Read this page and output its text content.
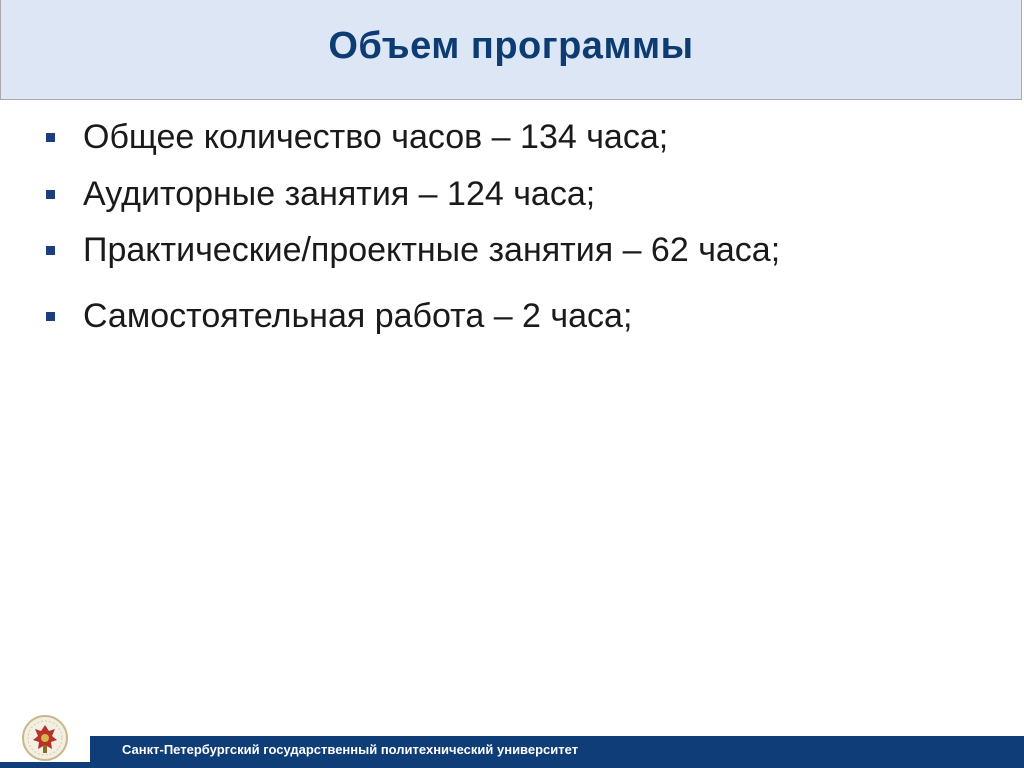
Объем программы
Общее количество часов – 134 часа;
Аудиторные занятия – 124 часа;
Практические/проектные занятия – 62 часа;
Самостоятельная работа – 2 часа;
Санкт-Петербургский государственный политехнический университет
